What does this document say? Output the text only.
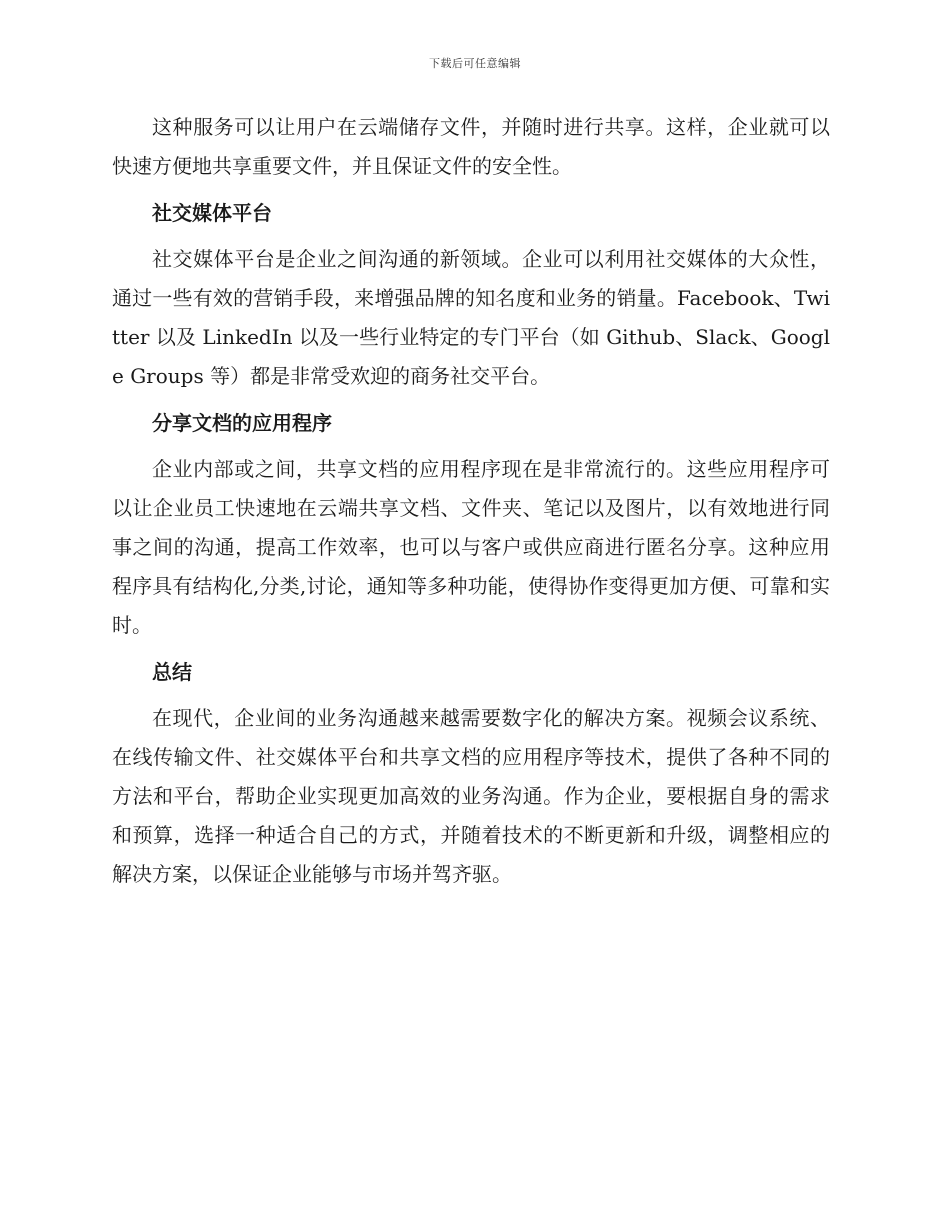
下载后可任意编辑

这种服务可以让用户在云端储存文件，并随时进行共享。这样，企业就可以快速方便地共享重要文件，并且保证文件的安全性。

社交媒体平台

社交媒体平台是企业之间沟通的新领域。企业可以利用社交媒体的大众性，通过一些有效的营销手段，来增强品牌的知名度和业务的销量。Facebook、Twitter 以及 LinkedIn 以及一些行业特定的专门平台（如 Github、Slack、Google Groups 等）都是非常受欢迎的商务社交平台。

分享文档的应用程序

企业内部或之间，共享文档的应用程序现在是非常流行的。这些应用程序可以让企业员工快速地在云端共享文档、文件夹、笔记以及图片，以有效地进行同事之间的沟通，提高工作效率，也可以与客户或供应商进行匿名分享。这种应用程序具有结构化,分类,讨论，通知等多种功能，使得协作变得更加方便、可靠和实时。

总结

在现代，企业间的业务沟通越来越需要数字化的解决方案。视频会议系统、在线传输文件、社交媒体平台和共享文档的应用程序等技术，提供了各种不同的方法和平台，帮助企业实现更加高效的业务沟通。作为企业，要根据自身的需求和预算，选择一种适合自己的方式，并随着技术的不断更新和升级，调整相应的解决方案，以保证企业能够与市场并驾齐驱。
